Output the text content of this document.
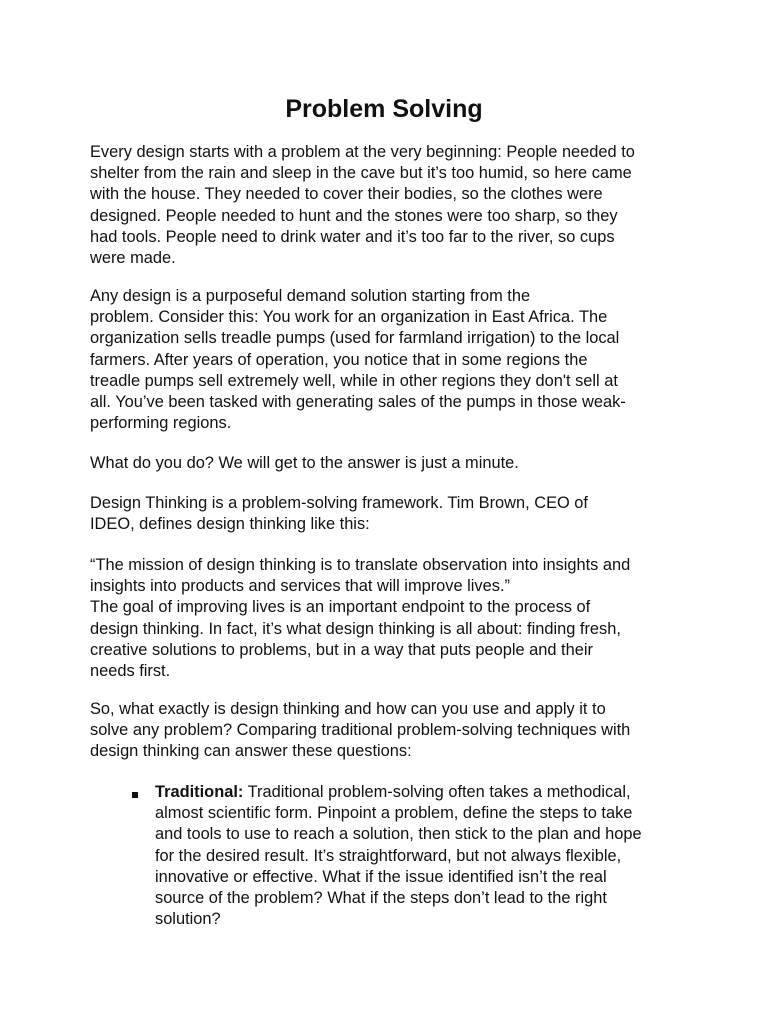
Problem Solving
Every design starts with a problem at the very beginning: People needed to
shelter from the rain and sleep in the cave but it’s too humid, so here came
with the house. They needed to cover their bodies, so the clothes were
designed. People needed to hunt and the stones were too sharp, so they
had tools. People need to drink water and it’s too far to the river, so cups
were made.
Any design is a purposeful demand solution starting from the
problem. Consider this: You work for an organization in East Africa. The
organization sells treadle pumps (used for farmland irrigation) to the local
farmers. After years of operation, you notice that in some regions the
treadle pumps sell extremely well, while in other regions they don't sell at
all. You’ve been tasked with generating sales of the pumps in those weak-
performing regions.
What do you do? We will get to the answer is just a minute.
Design Thinking is a problem-solving framework. Tim Brown, CEO of
IDEO, defines design thinking like this:
“The mission of design thinking is to translate observation into insights and
insights into products and services that will improve lives.”
The goal of improving lives is an important endpoint to the process of
design thinking. In fact, it’s what design thinking is all about: finding fresh,
creative solutions to problems, but in a way that puts people and their
needs first.
So, what exactly is design thinking and how can you use and apply it to
solve any problem? Comparing traditional problem-solving techniques with
design thinking can answer these questions:
Traditional: Traditional problem-solving often takes a methodical,
almost scientific form. Pinpoint a problem, define the steps to take
and tools to use to reach a solution, then stick to the plan and hope
for the desired result. It’s straightforward, but not always flexible,
innovative or effective. What if the issue identified isn’t the real
source of the problem? What if the steps don’t lead to the right
solution?
